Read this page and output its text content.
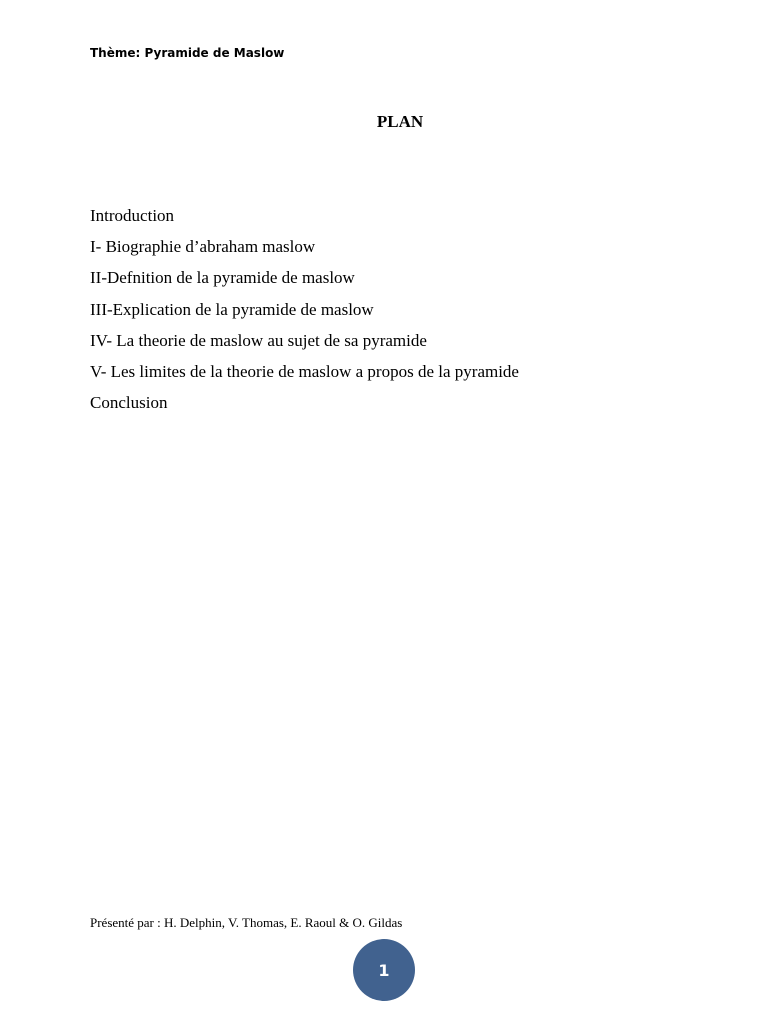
Thème: Pyramide de Maslow
PLAN
Introduction
I- Biographie d’abraham maslow
II-Defnition de la pyramide de maslow
III-Explication de la pyramide de maslow
IV- La theorie de maslow au sujet de sa pyramide
V- Les limites de la theorie de maslow a propos de la pyramide
Conclusion
Présenté par : H. Delphin, V. Thomas, E. Raoul & O. Gildas
1
